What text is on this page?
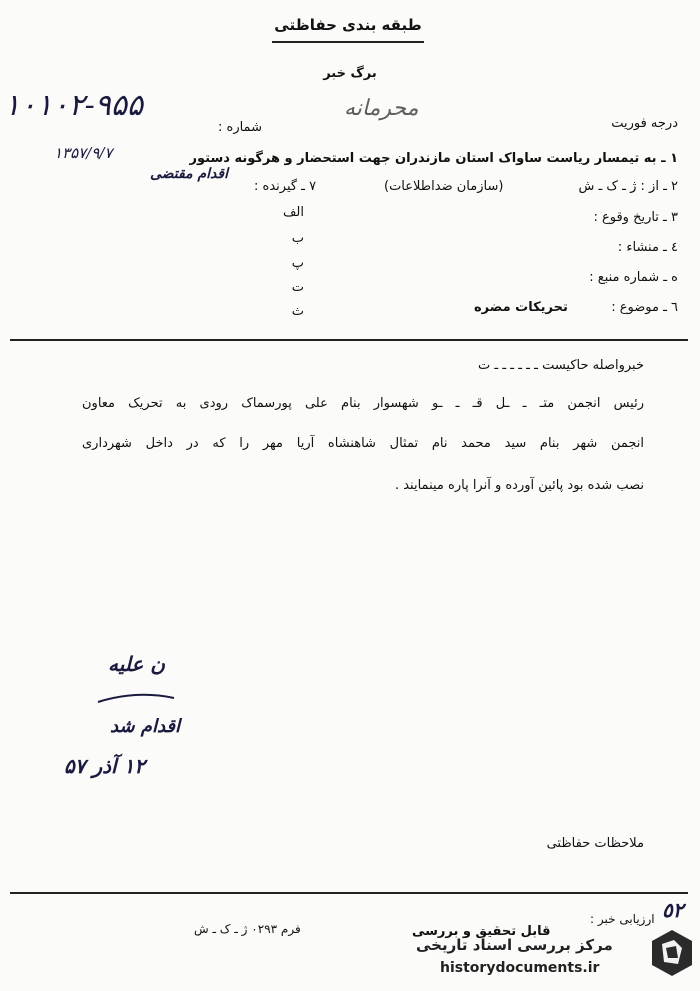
طبقه بندی حفاظتی
برگ خبر
محرمانه
درجه فوریت
شماره :
۱۰۱۰۲-۹۵۵
۱۳۵۷/۹/۷
اقدام مقتضی
۱ ـ به تیمسار ریاست ساواک استان مازندران جهت استحضار و هرگونه دستور
۲ ـ از : ژ ـ ک ـ ش
(سازمان ضداطلاعات)
۷ ـ گیرنده :
الف
ب
پ
ت
ث
۳ ـ تاریخ وقوع :
٤ ـ منشاء :
ە ـ شماره منبع :
٦ ـ موضوع :
تحریکات مضره
خبرواصله حاکیست ـ ـ ـ ـ ـ ـ ت
رئیس انجمن متـ ـ ـل قـ ـ ـو شهسوار بنام علی پورسماک رودی به تحریک معاون
انجمن شهر بنام سید محمد نام تمثال شاهنشاه آریا مهر را که در داخل شهرداری
نصب شده بود پائین آورده و آنرا پاره مینمایند .
ن علیه
اقدام شد
۱۲ آذر ۵۷
ملاحظات حفاظتی
ارزیابی خبر : ٥٢
قابل تحقیق و بررسی
فرم ۰۲۹۳ ژ ـ ک ـ ش
مرکز بررسی اسناد تاریخی
historydocuments.ir
